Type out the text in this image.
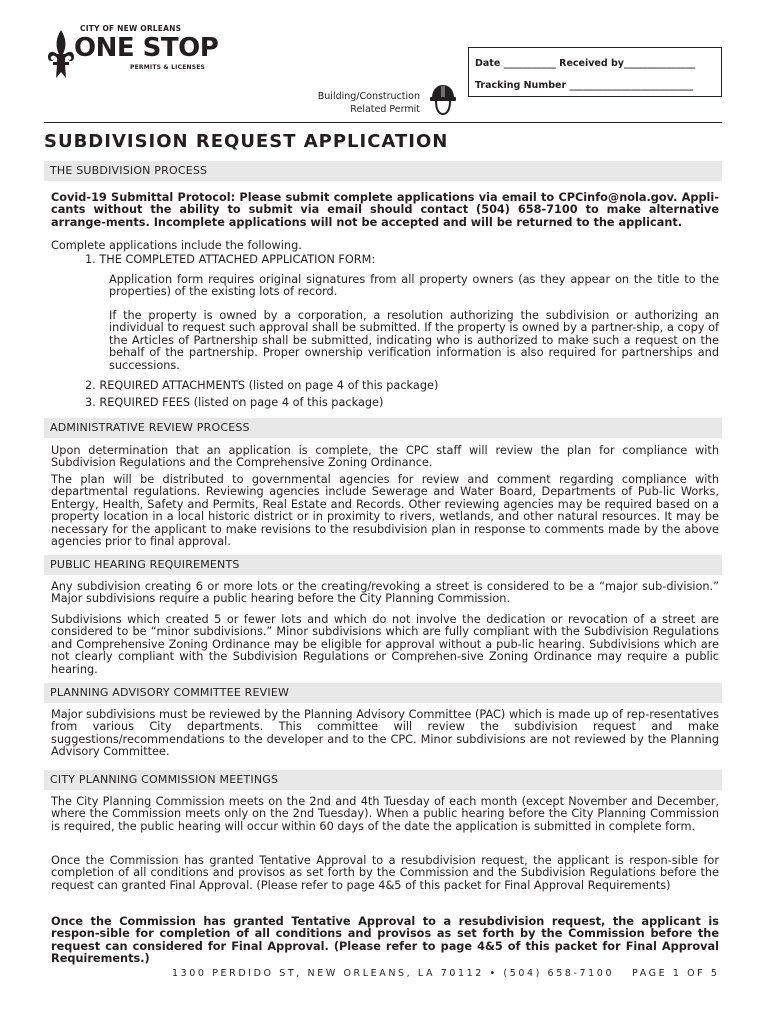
CITY OF NEW ORLEANS
ONE STOP
PERMITS & LICENSES	Date ___________ Received by_______________
Tracking Number __________________________
Building/Construction
Related Permit
SUBDIVISION REQUEST APPLICATION
THE SUBDIVISION PROCESS
Covid-19 Submittal Protocol: Please submit complete applications via email to CPCinfo@nola.gov. Appli-cants without the ability to submit via email should contact (504) 658-7100 to make alternative arrange-ments. Incomplete applications will not be accepted and will be returned to the applicant.
Complete applications include the following.
1. THE COMPLETED ATTACHED APPLICATION FORM:
Application form requires original signatures from all property owners (as they appear on the title to the properties) of the existing lots of record.
If the property is owned by a corporation, a resolution authorizing the subdivision or authorizing an individual to request such approval shall be submitted. If the property is owned by a partner-ship, a copy of the Articles of Partnership shall be submitted, indicating who is authorized to make such a request on the behalf of the partnership. Proper ownership verification information is also required for partnerships and successions.
2. REQUIRED ATTACHMENTS (listed on page 4 of this package)
3. REQUIRED FEES (listed on page 4 of this package)
ADMINISTRATIVE REVIEW PROCESS
Upon determination that an application is complete, the CPC staff will review the plan for compliance with Subdivision Regulations and the Comprehensive Zoning Ordinance.
The plan will be distributed to governmental agencies for review and comment regarding compliance with departmental regulations. Reviewing agencies include Sewerage and Water Board, Departments of Pub-lic Works, Entergy, Health, Safety and Permits, Real Estate and Records. Other reviewing agencies may be required based on a property location in a local historic district or in proximity to rivers, wetlands, and other natural resources. It may be necessary for the applicant to make revisions to the resubdivision plan in response to comments made by the above agencies prior to final approval.
PUBLIC HEARING REQUIREMENTS
Any subdivision creating 6 or more lots or the creating/revoking a street is considered to be a “major sub-division.” Major subdivisions require a public hearing before the City Planning Commission.
Subdivisions which created 5 or fewer lots and which do not involve the dedication or revocation of a street are considered to be “minor subdivisions.” Minor subdivisions which are fully compliant with the Subdivision Regulations and Comprehensive Zoning Ordinance may be eligible for approval without a pub-lic hearing. Subdivisions which are not clearly compliant with the Subdivision Regulations or Comprehen-sive Zoning Ordinance may require a public hearing.
PLANNING ADVISORY COMMITTEE REVIEW
Major subdivisions must be reviewed by the Planning Advisory Committee (PAC) which is made up of rep-resentatives from various City departments. This committee will review the subdivision request and make suggestions/recommendations to the developer and to the CPC. Minor subdivisions are not reviewed by the Planning Advisory Committee.
CITY PLANNING COMMISSION MEETINGS
The City Planning Commission meets on the 2nd and 4th Tuesday of each month (except November and December, where the Commission meets only on the 2nd Tuesday). When a public hearing before the City Planning Commission is required, the public hearing will occur within 60 days of the date the application is submitted in complete form.
Once the Commission has granted Tentative Approval to a resubdivision request, the applicant is respon-sible for completion of all conditions and provisos as set forth by the Commission and the Subdivision Regulations before the request can granted Final Approval. (Please refer to page 4&5 of this packet for Final Approval Requirements)
Once the Commission has granted Tentative Approval to a resubdivision request, the applicant is respon-sible for completion of all conditions and provisos as set forth by the Commission before the request can considered for Final Approval. (Please refer to page 4&5 of this packet for Final Approval Requirements.)
1300 PERDIDO ST, NEW ORLEANS, LA 70112 • (504) 658-7100 PAGE 1 OF 5
